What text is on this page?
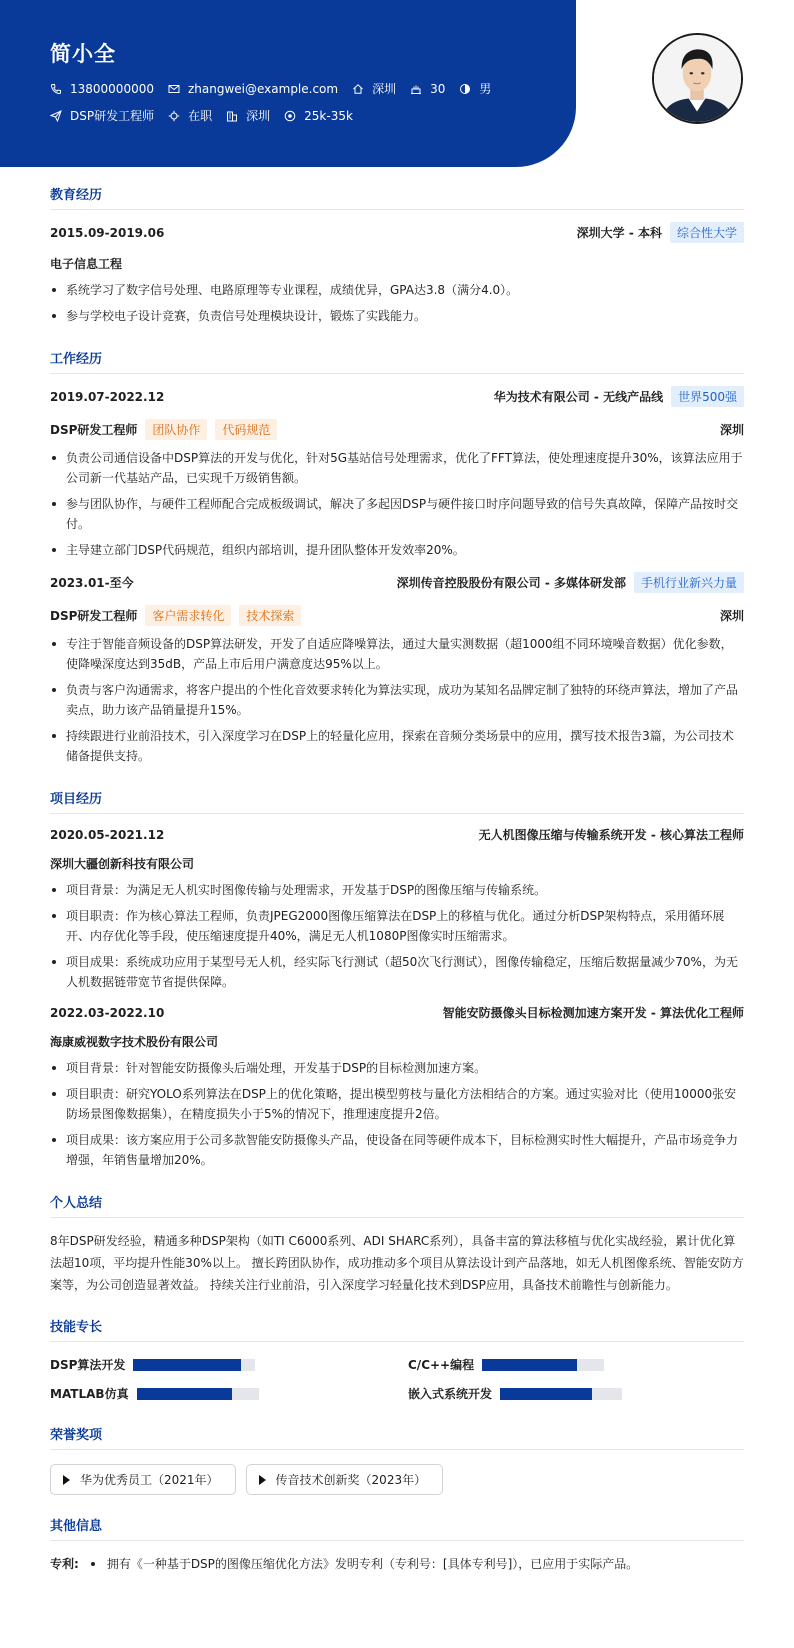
简小全
13800000000	zhangwei@example.com	深圳	30	男
DSP研发工程师	在职	深圳	25k-35k
教育经历
2015.09-2019.06	深圳大学 - 本科	综合性大学
电子信息工程
系统学习了数字信号处理、电路原理等专业课程，成绩优异，GPA达3.8（满分4.0）。
参与学校电子设计竞赛，负责信号处理模块设计，锻炼了实践能力。
工作经历
2019.07-2022.12	华为技术有限公司 - 无线产品线	世界500强
DSP研发工程师	团队协作	代码规范	深圳
负责公司通信设备中DSP算法的开发与优化，针对5G基站信号处理需求，优化了FFT算法，使处理速度提升30%，该算法应用于公司新一代基站产品，已实现千万级销售额。
参与团队协作，与硬件工程师配合完成板级调试，解决了多起因DSP与硬件接口时序问题导致的信号失真故障，保障产品按时交付。
主导建立部门DSP代码规范，组织内部培训，提升团队整体开发效率20%。
2023.01-至今	深圳传音控股股份有限公司 - 多媒体研发部	手机行业新兴力量
DSP研发工程师	客户需求转化	技术探索	深圳
专注于智能音频设备的DSP算法研发，开发了自适应降噪算法，通过大量实测数据（超1000组不同环境噪音数据）优化参数，使降噪深度达到35dB，产品上市后用户满意度达95%以上。
负责与客户沟通需求，将客户提出的个性化音效要求转化为算法实现，成功为某知名品牌定制了独特的环绕声算法，增加了产品卖点，助力该产品销量提升15%。
持续跟进行业前沿技术，引入深度学习在DSP上的轻量化应用，探索在音频分类场景中的应用，撰写技术报告3篇，为公司技术储备提供支持。
项目经历
2020.05-2021.12	无人机图像压缩与传输系统开发 - 核心算法工程师
深圳大疆创新科技有限公司
项目背景：为满足无人机实时图像传输与处理需求，开发基于DSP的图像压缩与传输系统。
项目职责：作为核心算法工程师，负责JPEG2000图像压缩算法在DSP上的移植与优化。通过分析DSP架构特点，采用循环展开、内存优化等手段，使压缩速度提升40%，满足无人机1080P图像实时压缩需求。
项目成果：系统成功应用于某型号无人机，经实际飞行测试（超50次飞行测试），图像传输稳定，压缩后数据量减少70%，为无人机数据链带宽节省提供保障。
2022.03-2022.10	智能安防摄像头目标检测加速方案开发 - 算法优化工程师
海康威视数字技术股份有限公司
项目背景：针对智能安防摄像头后端处理，开发基于DSP的目标检测加速方案。
项目职责：研究YOLO系列算法在DSP上的优化策略，提出模型剪枝与量化方法相结合的方案。通过实验对比（使用10000张安防场景图像数据集），在精度损失小于5%的情况下，推理速度提升2倍。
项目成果：该方案应用于公司多款智能安防摄像头产品，使设备在同等硬件成本下，目标检测实时性大幅提升，产品市场竞争力增强，年销售量增加20%。
个人总结
8年DSP研发经验，精通多种DSP架构（如TI C6000系列、ADI SHARC系列），具备丰富的算法移植与优化实战经验，累计优化算法超10项，平均提升性能30%以上。 擅长跨团队协作，成功推动多个项目从算法设计到产品落地，如无人机图像系统、智能安防方案等，为公司创造显著效益。 持续关注行业前沿，引入深度学习轻量化技术到DSP应用，具备技术前瞻性与创新能力。
技能专长
DSP算法开发	C/C++编程
MATLAB仿真	嵌入式系统开发
荣誉奖项
华为优秀员工（2021年）	传音技术创新奖（2023年）
其他信息
专利: 拥有《一种基于DSP的图像压缩优化方法》发明专利（专利号：[具体专利号]），已应用于实际产品。
